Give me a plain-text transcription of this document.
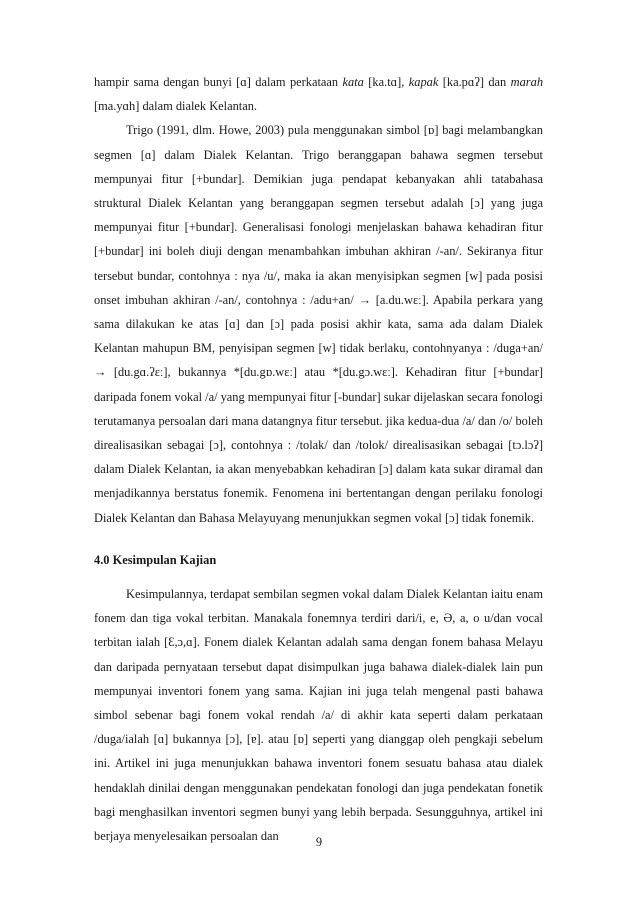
hampir sama dengan bunyi [ɑ] dalam perkataan kata [ka.tɑ], kapak [ka.pɑʔ] dan marah [ma.yɑh] dalam dialek Kelantan.

Trigo (1991, dlm. Howe, 2003) pula menggunakan simbol [ɒ] bagi melambangkan segmen [ɑ] dalam Dialek Kelantan. Trigo beranggapan bahawa segmen tersebut mempunyai fitur [+bundar]. Demikian juga pendapat kebanyakan ahli tatabahasa struktural Dialek Kelantan yang beranggapan segmen tersebut adalah [ɔ] yang juga mempunyai fitur [+bundar]. Generalisasi fonologi menjelaskan bahawa kehadiran fitur [+bundar] ini boleh diuji dengan menambahkan imbuhan akhiran /-an/. Sekiranya fitur tersebut bundar, contohnya : nya /u/, maka ia akan menyisipkan segmen [w] pada posisi onset imbuhan akhiran /-an/, contohnya : /adu+an/ → [a.du.wɛː]. Apabila perkara yang sama dilakukan ke atas [ɑ] dan [ɔ] pada posisi akhir kata, sama ada dalam Dialek Kelantan mahupun BM, penyisipan segmen [w] tidak berlaku, contohnyanya : /duga+an/ → [du.gɑ.ʔɛː], bukannya *[du.gɒ.wɛː] atau *[du.gɔ.wɛː]. Kehadiran fitur [+bundar] daripada fonem vokal /a/ yang mempunyai fitur [-bundar] sukar dijelaskan secara fonologi terutamanya persoalan dari mana datangnya fitur tersebut. jika kedua-dua /a/ dan /o/ boleh direalisasikan sebagai [ɔ], contohnya : /tolak/ dan /tolok/ direalisasikan sebagai [tɔ.lɔʔ] dalam Dialek Kelantan, ia akan menyebabkan kehadiran [ɔ] dalam kata sukar diramal dan menjadikannya berstatus fonemik. Fenomena ini bertentangan dengan perilaku fonologi Dialek Kelantan dan Bahasa Melayuyang menunjukkan segmen vokal [ɔ] tidak fonemik.

4.0 Kesimpulan Kajian

Kesimpulannya, terdapat sembilan segmen vokal dalam Dialek Kelantan iaitu enam fonem dan tiga vokal terbitan. Manakala fonemnya terdiri dari/i, e, Ə, a, o u/dan vocal terbitan ialah [Ɛ,ɔ,ɑ]. Fonem dialek Kelantan adalah sama dengan fonem bahasa Melayu dan daripada pernyataan tersebut dapat disimpulkan juga bahawa dialek-dialek lain pun mempunyai inventori fonem yang sama. Kajian ini juga telah mengenal pasti bahawa simbol sebenar bagi fonem vokal rendah /a/ di akhir kata seperti dalam perkataan /duga/ialah [ɑ] bukannya [ɔ], [ɐ]. atau [ɒ] seperti yang dianggap oleh pengkaji sebelum ini. Artikel ini juga menunjukkan bahawa inventori fonem sesuatu bahasa atau dialek hendaklah dinilai dengan menggunakan pendekatan fonologi dan juga pendekatan fonetik bagi menghasilkan inventori segmen bunyi yang lebih berpada. Sesungguhnya, artikel ini berjaya menyelesaikan persoalan dan	9
